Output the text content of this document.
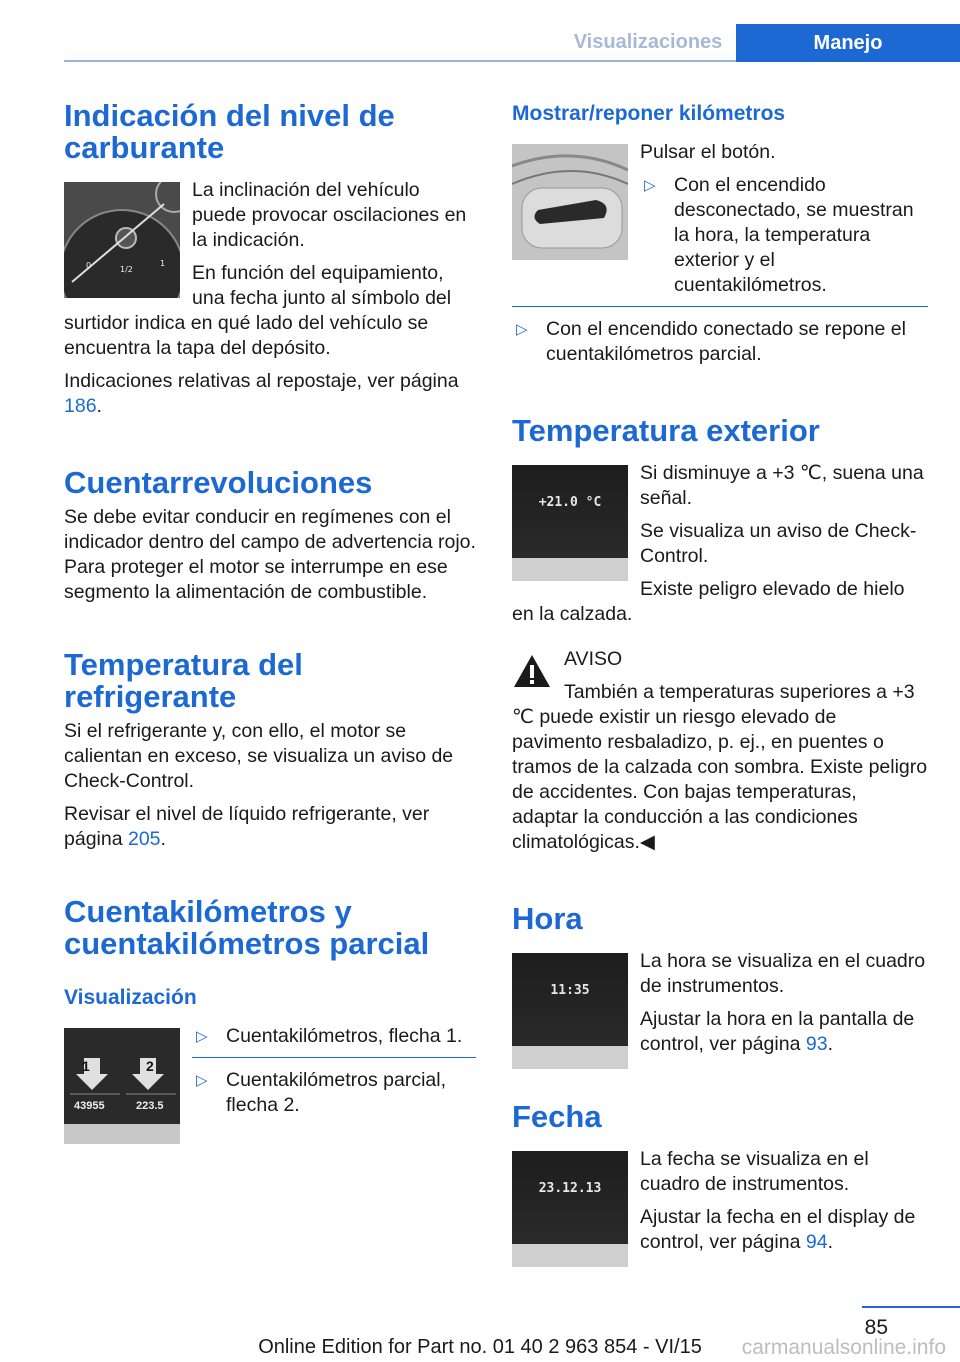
Visualizaciones	Manejo
Indicación del nivel de carburante
0	1/2
1

La inclinación del vehículo puede provocar oscilaciones en la indicación.

En función del equipamiento, una fecha junto al símbolo del surtidor indica en qué lado del vehículo se encuentra la tapa del depósito.

Indicaciones relativas al repostaje, ver página 186.

Cuentarrevoluciones

Se debe evitar conducir en regímenes con el indicador dentro del campo de advertencia rojo. Para proteger el motor se interrumpe en ese segmento la alimentación de combustible.

Temperatura del refrigerante

Si el refrigerante y, con ello, el motor se calientan en exceso, se visualiza un aviso de Check-Control.

Revisar el nivel de líquido refrigerante, ver página 205.

Cuentakilómetros y cuentakilómetros parcial
Visualización
1	2
43955	223.5
▷ Cuentakilómetros, flecha 1.
▷ Cuentakilómetros parcial, flecha 2.
Mostrar/reponer kilómetros

Pulsar el botón.

▷ Con el encendido desconectado, se muestran la hora, la temperatura exterior y el cuentakilómetros.
▷ Con el encendido conectado se repone el cuentakilómetros parcial.
Temperatura exterior
+21.0 °C

Si disminuye a +3 ℃, suena una señal.

Se visualiza un aviso de Check-Control.

Existe peligro elevado de hielo en la calzada.

AVISO

También a temperaturas superiores a +3 ℃ puede existir un riesgo elevado de pavimento resbaladizo, p. ej., en puentes o tramos de la calzada con sombra. Existe peligro de accidentes. Con bajas temperaturas, adaptar la conducción a las condiciones climatológicas.◀

Hora
11:35

La hora se visualiza en el cuadro de instrumentos.

Ajustar la hora en la pantalla de control, ver página 93.

Fecha
23.12.13

La fecha se visualiza en el cuadro de instrumentos.

Ajustar la fecha en el display de control, ver página 94.

85
Online Edition for Part no. 01 40 2 963 854 - VI/15	carmanualsonline.info
